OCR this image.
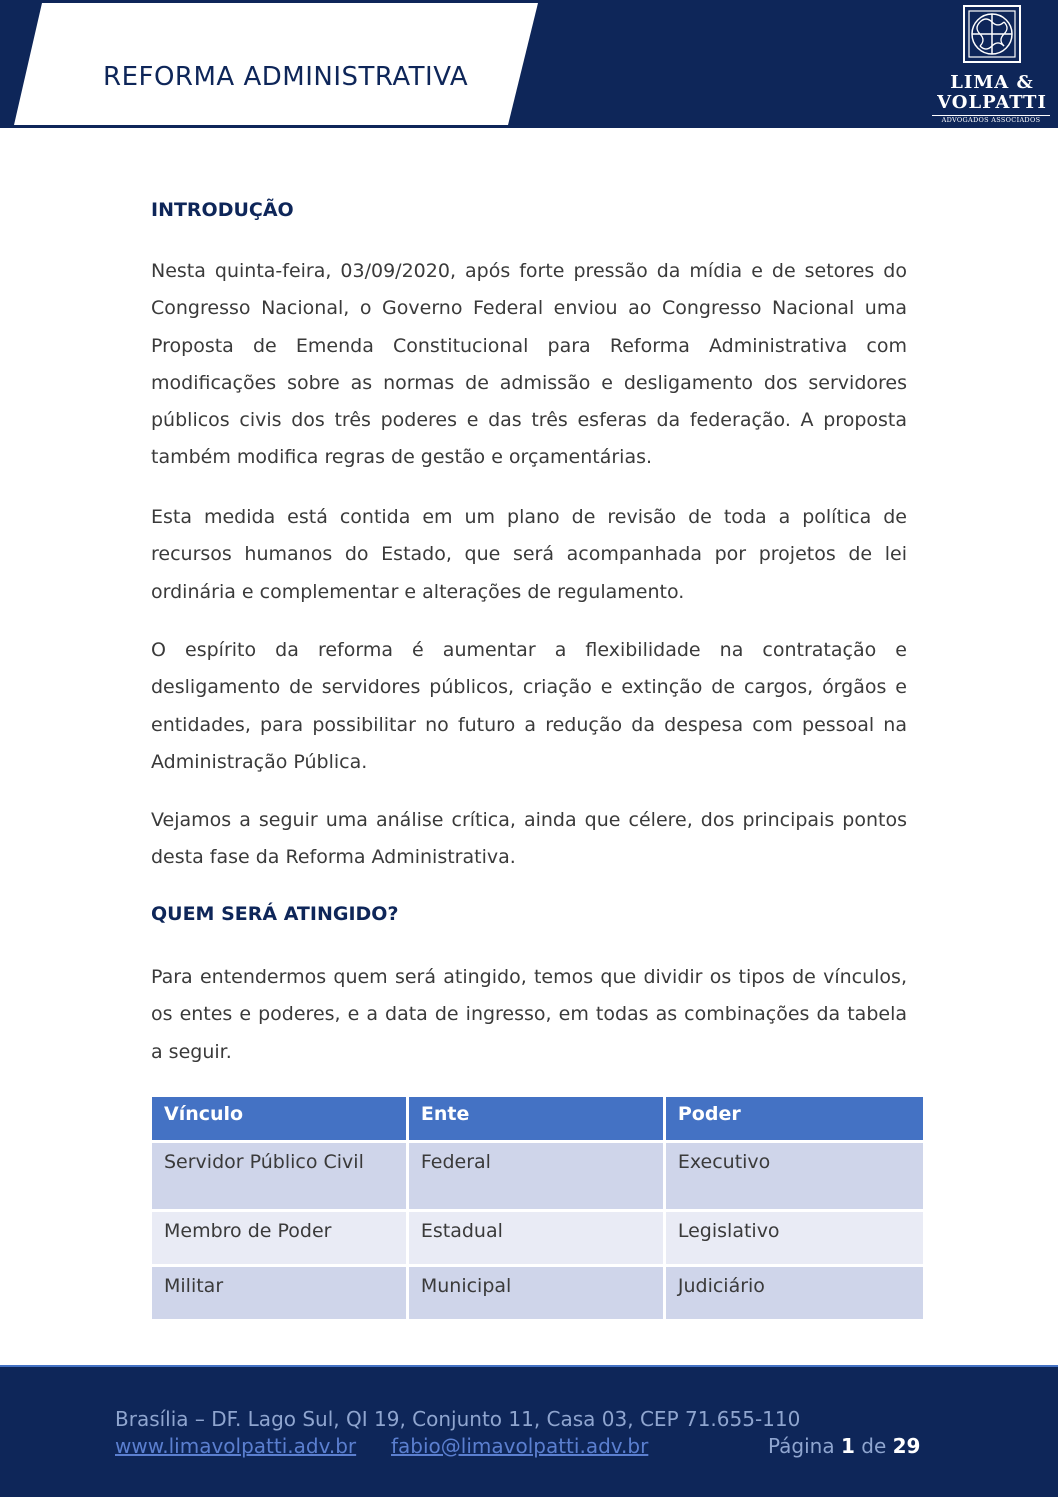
REFORMA ADMINISTRATIVA	LIMA &
VOLPATTI
ADVOGADOS ASSOCIADOS
INTRODUÇÃO

Nesta quinta-feira, 03/09/2020, após forte pressão da mídia e de setores do Congresso Nacional, o Governo Federal enviou ao Congresso Nacional uma Proposta de Emenda Constitucional para Reforma Administrativa com modificações sobre as normas de admissão e desligamento dos servidores públicos civis dos três poderes e das três esferas da federação. A proposta também modifica regras de gestão e orçamentárias.

Esta medida está contida em um plano de revisão de toda a política de recursos humanos do Estado, que será acompanhada por projetos de lei ordinária e complementar e alterações de regulamento.

O espírito da reforma é aumentar a flexibilidade na contratação e desligamento de servidores públicos, criação e extinção de cargos, órgãos e entidades, para possibilitar no futuro a redução da despesa com pessoal na Administração Pública.

Vejamos a seguir uma análise crítica, ainda que célere, dos principais pontos desta fase da Reforma Administrativa.

QUEM SERÁ ATINGIDO?

Para entendermos quem será atingido, temos que dividir os tipos de vínculos, os entes e poderes, e a data de ingresso, em todas as combinações da tabela a seguir.

Vínculo	Ente	Poder
Servidor Público Civil	Federal	Executivo
Membro de Poder	Estadual	Legislativo
Militar	Municipal	Judiciário
Brasília – DF. Lago Sul, QI 19, Conjunto 11, Casa 03, CEP 71.655-110
www.limavolpatti.adv.br fabio@limavolpatti.adv.br	Página 1 de 29
